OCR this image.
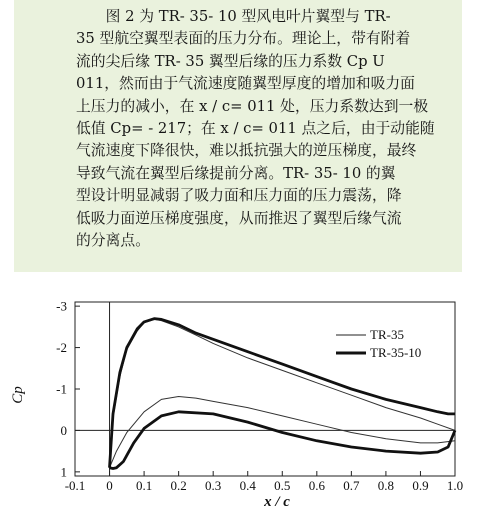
　　图 2 为 TR- 35- 10 型风电叶片翼型与 TR-
35 型航空翼型表面的压力分布。理论上，带有附着
流的尖后缘 TR- 35 翼型后缘的压力系数 Cp U
011，然而由于气流速度随翼型厚度的增加和吸力面
上压力的减小，在 x / c= 011 处，压力系数达到一极
低值 Cp= - 217；在 x / c= 011 点之后，由于动能随
气流速度下降很快，难以抵抗强大的逆压梯度，最终
导致气流在翼型后缘提前分离。TR- 35- 10 的翼
型设计明显减弱了吸力面和压力面的压力震荡，降
低吸力面逆压梯度强度，从而推迟了翼型后缘气流
的分离点。

-0.1 0 0.1 0.2 0.3 0.4 0.5 0.6 0.7 0.8 0.9 1.0
-3
-2
-1
0
1
TR-35
TR-35-10
Cp
x / c
